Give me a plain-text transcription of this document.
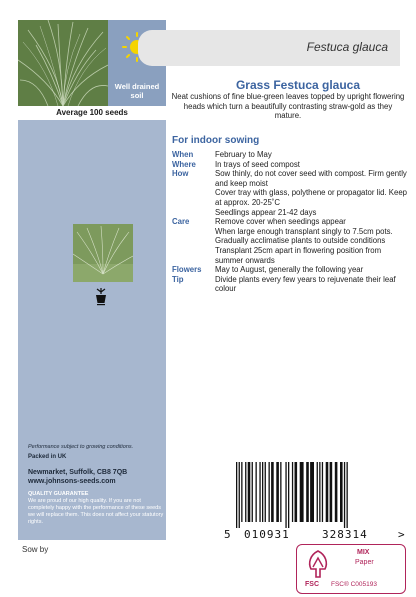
Well drained soil
Average 100 seeds
Performance subject to growing conditions.
Packed in UK
Newmarket, Suffolk, CB8 7QB
www.johnsons-seeds.com
QUALITY GUARANTEE
We are proud of our high quality. If you are not completely happy with the performance of these seeds we will replace them. This does not affect your statutory rights.
Festuca glauca
Grass Festuca glauca
Neat cushions of fine blue-green leaves topped by upright flowering heads which turn a beautifully contrasting straw-gold as they mature.
For indoor sowing
When	February to May
Where	In trays of seed compost
How	Sow thinly, do not cover seed with compost. Firm gently and keep moist
Cover tray with glass, polythene or propagator lid. Keep at approx. 20-25˚C
Seedlings appear 21-42 days
Care	Remove cover when seedings appear
When large enough transplant singly to 7.5cm pots. Gradually acclimatise plants to outside conditions
Transplant 25cm apart in flowering position from summer onwards
Flowers	May to August, generally the following year
Tip	Divide plants every few years to rejuvenate their leaf colour
5 010931	328314	>
Sow by
FSC
MIX
Paper
FSC® C005193
